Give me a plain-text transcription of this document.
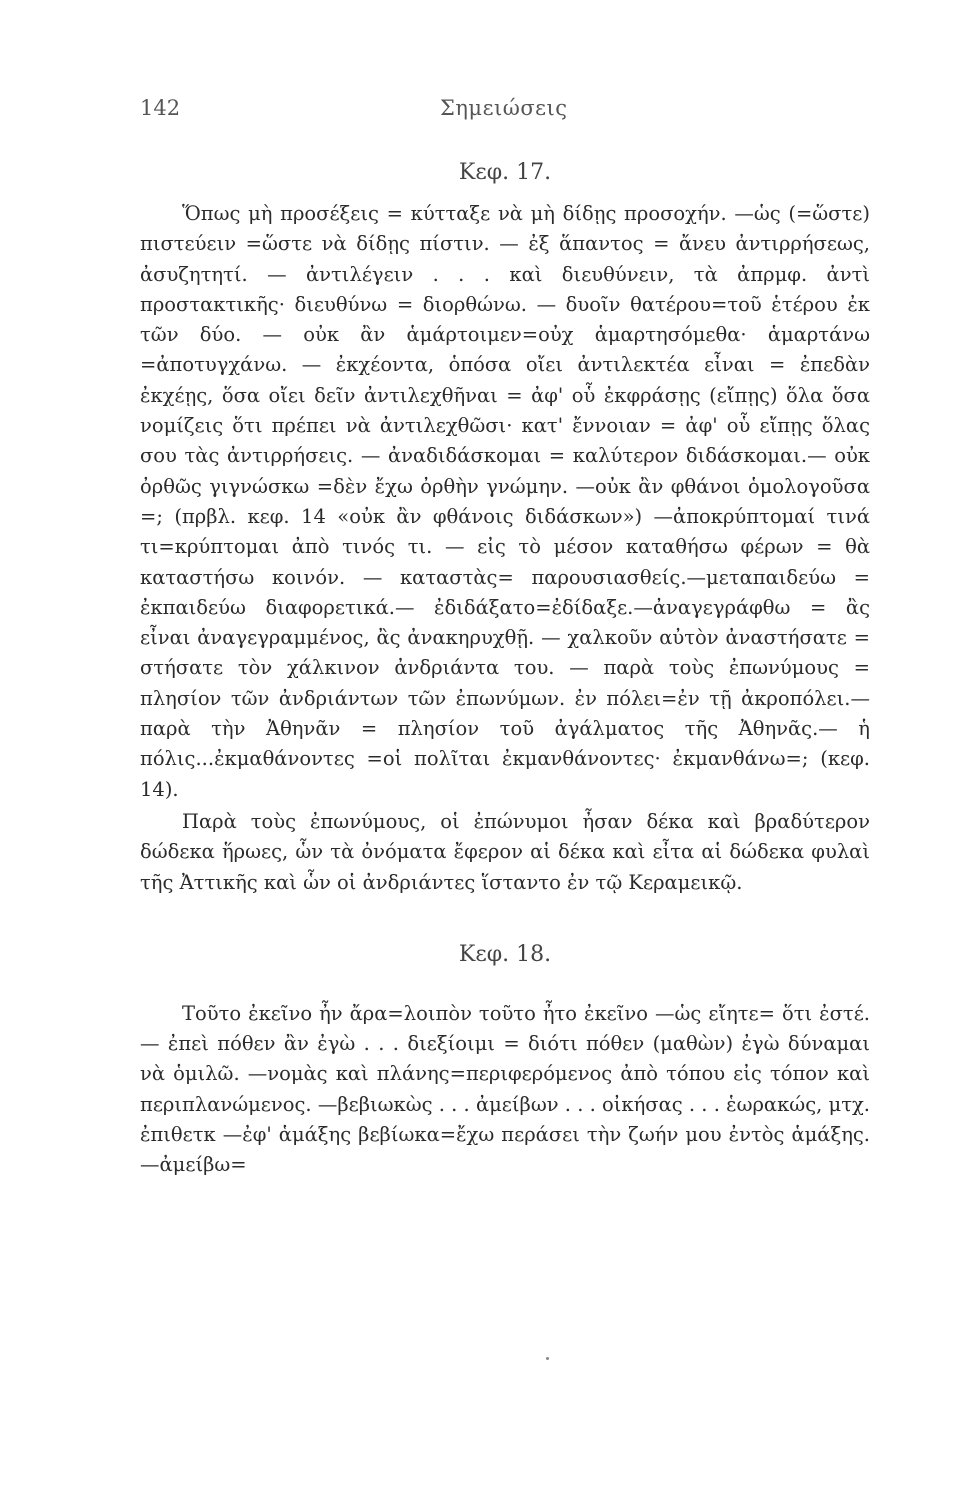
142	Σημειώσεις
Κεφ. 17.

Ὅπως μὴ προσέξεις = κύτταξε νὰ μὴ δίδῃς προσοχήν. —ὡς (=ὥστε) πιστεύειν =ὥστε νὰ δίδῃς πίστιν. — ἐξ ἅπαντος = ἄνευ ἀντιρρήσεως, ἀσυζητητί. — ἀντιλέγειν . . . καὶ διευθύνειν, τὰ ἀπρμφ. ἀντὶ προστακτικῆς· διευθύνω = διορθώνω. — δυοῖν θατέρου=τοῦ ἑτέρου ἐκ τῶν δύο. — οὐκ ἂν ἁμάρτοιμεν=οὐχ ἁμαρτησόμεθα· ἁμαρτάνω =ἀποτυγχάνω. — ἐκχέοντα, ὁπόσα οἴει ἀντιλεκτέα εἶναι = ἐπεδὰν ἐκχέῃς, ὅσα οἴει δεῖν ἀντιλεχθῆναι = ἀφ' οὗ ἐκφράσῃς (εἴπῃς) ὅλα ὅσα νομίζεις ὅτι πρέπει νὰ ἀντιλεχθῶσι· κατ' ἔννοιαν = ἀφ' οὗ εἴπῃς ὅλας σου τὰς ἀντιρρήσεις. — ἀναδιδάσκομαι = καλύτερον διδάσκομαι.— οὐκ ὀρθῶς γιγνώσκω =δὲν ἔχω ὀρθὴν γνώμην. —οὐκ ἂν φθάνοι ὁμολογοῦσα =; (πρβλ. κεφ. 14 «οὐκ ἂν φθάνοις διδάσκων») —ἀποκρύπτομαί τινά τι=κρύπτομαι ἀπὸ τινός τι. — εἰς τὸ μέσον καταθήσω φέρων = θὰ καταστήσω κοινόν. — καταστὰς= παρουσιασθείς.—μεταπαιδεύω = ἐκπαιδεύω διαφορετικά.— ἐδιδάξατο=ἐδίδαξε.—ἀναγεγράφθω = ἂς εἶναι ἀναγεγραμμένος, ἂς ἀνακηρυχθῇ. — χαλκοῦν αὐτὸν ἀναστήσατε = στήσατε τὸν χάλκινον ἀνδριάντα του. — παρὰ τοὺς ἐπωνύμους = πλησίον τῶν ἀνδριάντων τῶν ἐπωνύμων. ἐν πόλει=ἐν τῇ ἀκροπόλει.— παρὰ τὴν Ἀθηνᾶν = πλησίον τοῦ ἀγάλματος τῆς Ἀθηνᾶς.— ἡ πόλις...ἐκμαθάνοντες =οἱ πολῖται ἐκμανθάνοντες· ἐκμανθάνω=; (κεφ. 14).

Παρὰ τοὺς ἐπωνύμους, οἱ ἐπώνυμοι ἦσαν δέκα καὶ βραδύτερον δώδεκα ἥρωες, ὧν τὰ ὀνόματα ἔφερον αἱ δέκα καὶ εἶτα αἱ δώδεκα φυλαὶ τῆς Ἀττικῆς καὶ ὧν οἱ ἀνδριάντες ἵσταντο ἐν τῷ Κεραμεικῷ.

Κεφ. 18.

Τοῦτο ἐκεῖνο ἦν ἄρα=λοιπὸν τοῦτο ἦτο ἐκεῖνο —ὡς εἴητε= ὅτι ἐστέ. — ἐπεὶ πόθεν ἂν ἐγὼ . . . διεξίοιμι = διότι πόθεν (μαθὼν) ἐγὼ δύναμαι νὰ ὁμιλῶ. —νομὰς καὶ πλάνης=περιφερόμενος ἀπὸ τόπου εἰς τόπον καὶ περιπλανώμενος. —βεβιωκὼς . . . ἀμείβων . . . οἰκήσας . . . ἑωρακώς, μτχ. ἐπιθετκ —ἐφ' ἁμάξης βεβίωκα=ἔχω περάσει τὴν ζωήν μου ἐντὸς ἁμάξης. —ἀμείβω=
